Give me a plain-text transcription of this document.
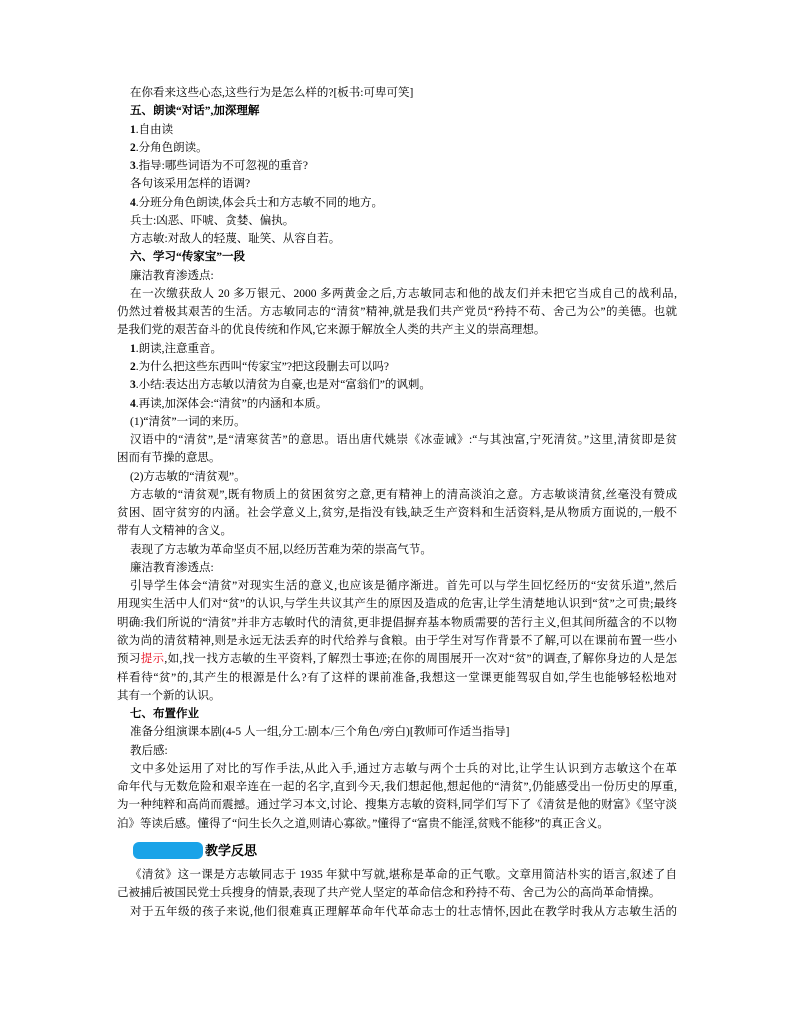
在你看来这些心态,这些行为是怎么样的?[板书:可卑可笑]
五、朗读“对话”,加深理解
1.自由读
2.分角色朗读。
3.指导:哪些词语为不可忽视的重音?
各句该采用怎样的语调?
4.分班分角色朗读,体会兵士和方志敏不同的地方。
兵士:凶恶、吓唬、贪婪、偏执。
方志敏:对敌人的轻蔑、耻笑、从容自若。
六、学习“传家宝”一段
廉洁教育渗透点:
在一次缴获敌人 20 多万银元、2000 多两黄金之后,方志敏同志和他的战友们并未把它当成自己的战利品,
仍然过着极其艰苦的生活。方志敏同志的“清贫”精神,就是我们共产党员“矜持不苟、舍己为公”的美德。也就
是我们党的艰苦奋斗的优良传统和作风,它来源于解放全人类的共产主义的崇高理想。
1.朗读,注意重音。
2.为什么把这些东西叫“传家宝”?把这段删去可以吗?
3.小结:表达出方志敏以清贫为自豪,也是对“富翁们”的讽刺。
4.再读,加深体会:“清贫”的内涵和本质。
(1)“清贫”一词的来历。
汉语中的“清贫”,是“清寒贫苦”的意思。语出唐代姚崇《冰壶诫》:“与其浊富,宁死清贫。”这里,清贫即是贫
困而有节操的意思。
(2)方志敏的“清贫观”。
方志敏的“清贫观”,既有物质上的贫困贫穷之意,更有精神上的清高淡泊之意。方志敏谈清贫,丝毫没有赞成
贫困、固守贫穷的内涵。社会学意义上,贫穷,是指没有钱,缺乏生产资料和生活资料,是从物质方面说的,一般不
带有人文精神的含义。
表现了方志敏为革命坚贞不屈,以经历苦难为荣的崇高气节。
廉洁教育渗透点:
引导学生体会“清贫”对现实生活的意义,也应该是循序渐进。首先可以与学生回忆经历的“安贫乐道”,然后
用现实生活中人们对“贫”的认识,与学生共议其产生的原因及造成的危害,让学生清楚地认识到“贫”之可贵;最终
明确:我们所说的“清贫”并非方志敏时代的清贫,更非提倡摒弃基本物质需要的苦行主义,但其间所蕴含的不以物
欲为尚的清贫精神,则是永远无法丢弃的时代给养与食粮。由于学生对写作背景不了解,可以在课前布置一些小
预习提示,如,找一找方志敏的生平资料,了解烈士事迹;在你的周围展开一次对“贫”的调查,了解你身边的人是怎
样看待“贫”的,其产生的根源是什么?有了这样的课前准备,我想这一堂课更能驾驭自如,学生也能够轻松地对
其有一个新的认识。
七、布置作业
准备分组演课本剧(4-5 人一组,分工:剧本/三个角色/旁白)[教师可作适当指导]
教后感:
文中多处运用了对比的写作手法,从此入手,通过方志敏与两个士兵的对比,让学生认识到方志敏这个在革
命年代与无数危险和艰辛连在一起的名字,直到今天,我们想起他,想起他的“清贫”,仍能感受出一份历史的厚重,
为一种纯粹和高尚而震撼。通过学习本文,讨论、搜集方志敏的资料,同学们写下了《清贫是他的财富》《坚守淡
泊》等读后感。懂得了“问生长久之道,则请心寡欲。”懂得了“富贵不能淫,贫贱不能移”的真正含义。
教学反思
《清贫》这一课是方志敏同志于 1935 年狱中写就,堪称是革命的正气歌。文章用简洁朴实的语言,叙述了自
己被捕后被国民党士兵搜身的情景,表现了共产党人坚定的革命信念和矜持不苟、舍己为公的高尚革命情操。
对于五年级的孩子来说,他们很难真正理解革命年代革命志士的壮志情怀,因此在教学时我从方志敏生活的
